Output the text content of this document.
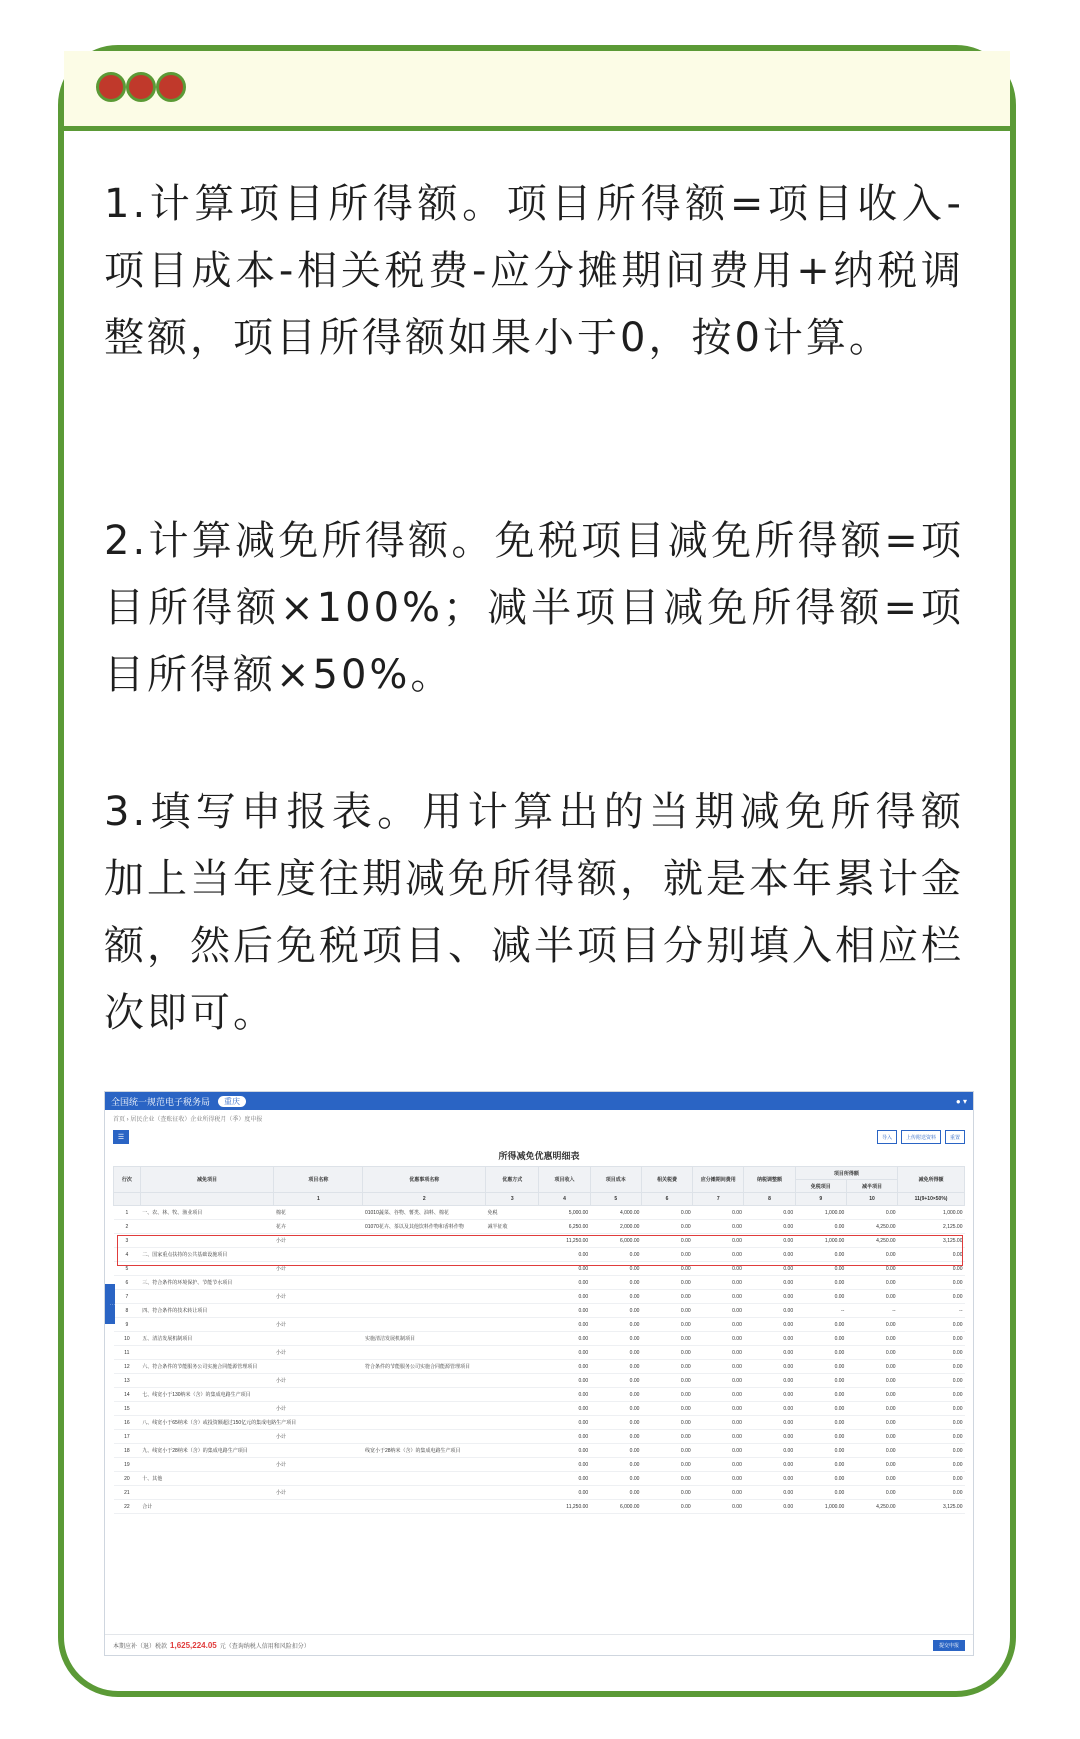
1.计算项目所得额。项目所得额=项目收入-项目成本-相关税费-应分摊期间费用+纳税调整额，项目所得额如果小于0，按0计算。
2.计算减免所得额。免税项目减免所得额=项目所得额×100%；减半项目减免所得额=项目所得额×50%。
3.填写申报表。用计算出的当期减免所得额加上当年度往期减免所得额，就是本年累计金额，然后免税项目、减半项目分别填入相应栏次即可。
全国统一规范电子税务局	重庆	● ▾
首页 › 居民企业（查账征收）企业所得税月（季）度申报
☰	导入	上传附送资料	重置
所得减免优惠明细表
行次	减免项目	项目名称	优惠事项名称	优惠方式	项目收入	项目成本	相关税费	应分摊期间费用	纳税调整额	项目所得额		减免所得额
										免税项目	减半项目	
		1	2	3	4	5	6	7	8	9	10	11(9+10×50%)
1	一、农、林、牧、渔业项目	棉花	01010蔬菜、谷物、薯类、油料、棉花	免税	5,000.00	4,000.00	0.00	0.00	0.00	1,000.00	0.00	1,000.00
2		花卉	01070花卉、茶以及其他饮料作物和香料作物	减半征收	6,250.00	2,000.00	0.00	0.00	0.00	0.00	4,250.00	2,125.00
3		小计			11,250.00	6,000.00	0.00	0.00	0.00	1,000.00	4,250.00	3,125.00
4	二、国家重点扶持的公共基础设施项目				0.00	0.00	0.00	0.00	0.00	0.00	0.00	0.00
5		小计			0.00	0.00	0.00	0.00	0.00	0.00	0.00	0.00
6	三、符合条件的环境保护、节能节水项目				0.00	0.00	0.00	0.00	0.00	0.00	0.00	0.00
7		小计			0.00	0.00	0.00	0.00	0.00	0.00	0.00	0.00
8	四、符合条件的技术转让项目				0.00	0.00	0.00	0.00	0.00	--	--	--
9		小计			0.00	0.00	0.00	0.00	0.00	0.00	0.00	0.00
10	五、清洁发展机制项目		实施清洁发展机制项目		0.00	0.00	0.00	0.00	0.00	0.00	0.00	0.00
11		小计			0.00	0.00	0.00	0.00	0.00	0.00	0.00	0.00
12	六、符合条件的节能服务公司实施合同能源管理项目		符合条件的节能服务公司实施合同能源管理项目		0.00	0.00	0.00	0.00	0.00	0.00	0.00	0.00
13		小计			0.00	0.00	0.00	0.00	0.00	0.00	0.00	0.00
14	七、线宽小于130纳米（含）的集成电路生产项目				0.00	0.00	0.00	0.00	0.00	0.00	0.00	0.00
15		小计			0.00	0.00	0.00	0.00	0.00	0.00	0.00	0.00
16	八、线宽小于65纳米（含）或投资额超过150亿元的集成电路生产项目				0.00	0.00	0.00	0.00	0.00	0.00	0.00	0.00
17		小计			0.00	0.00	0.00	0.00	0.00	0.00	0.00	0.00
18	九、线宽小于28纳米（含）的集成电路生产项目		线宽小于28纳米（含）的集成电路生产项目		0.00	0.00	0.00	0.00	0.00	0.00	0.00	0.00
19		小计			0.00	0.00	0.00	0.00	0.00	0.00	0.00	0.00
20	十、其他				0.00	0.00	0.00	0.00	0.00	0.00	0.00	0.00
21		小计			0.00	0.00	0.00	0.00	0.00	0.00	0.00	0.00
22	合计				11,250.00	6,000.00	0.00	0.00	0.00	1,000.00	4,250.00	3,125.00
⋮
本期应补（退）税款 1,625,224.05 元 （查询纳税人信用和风险扣分）	提交申报
